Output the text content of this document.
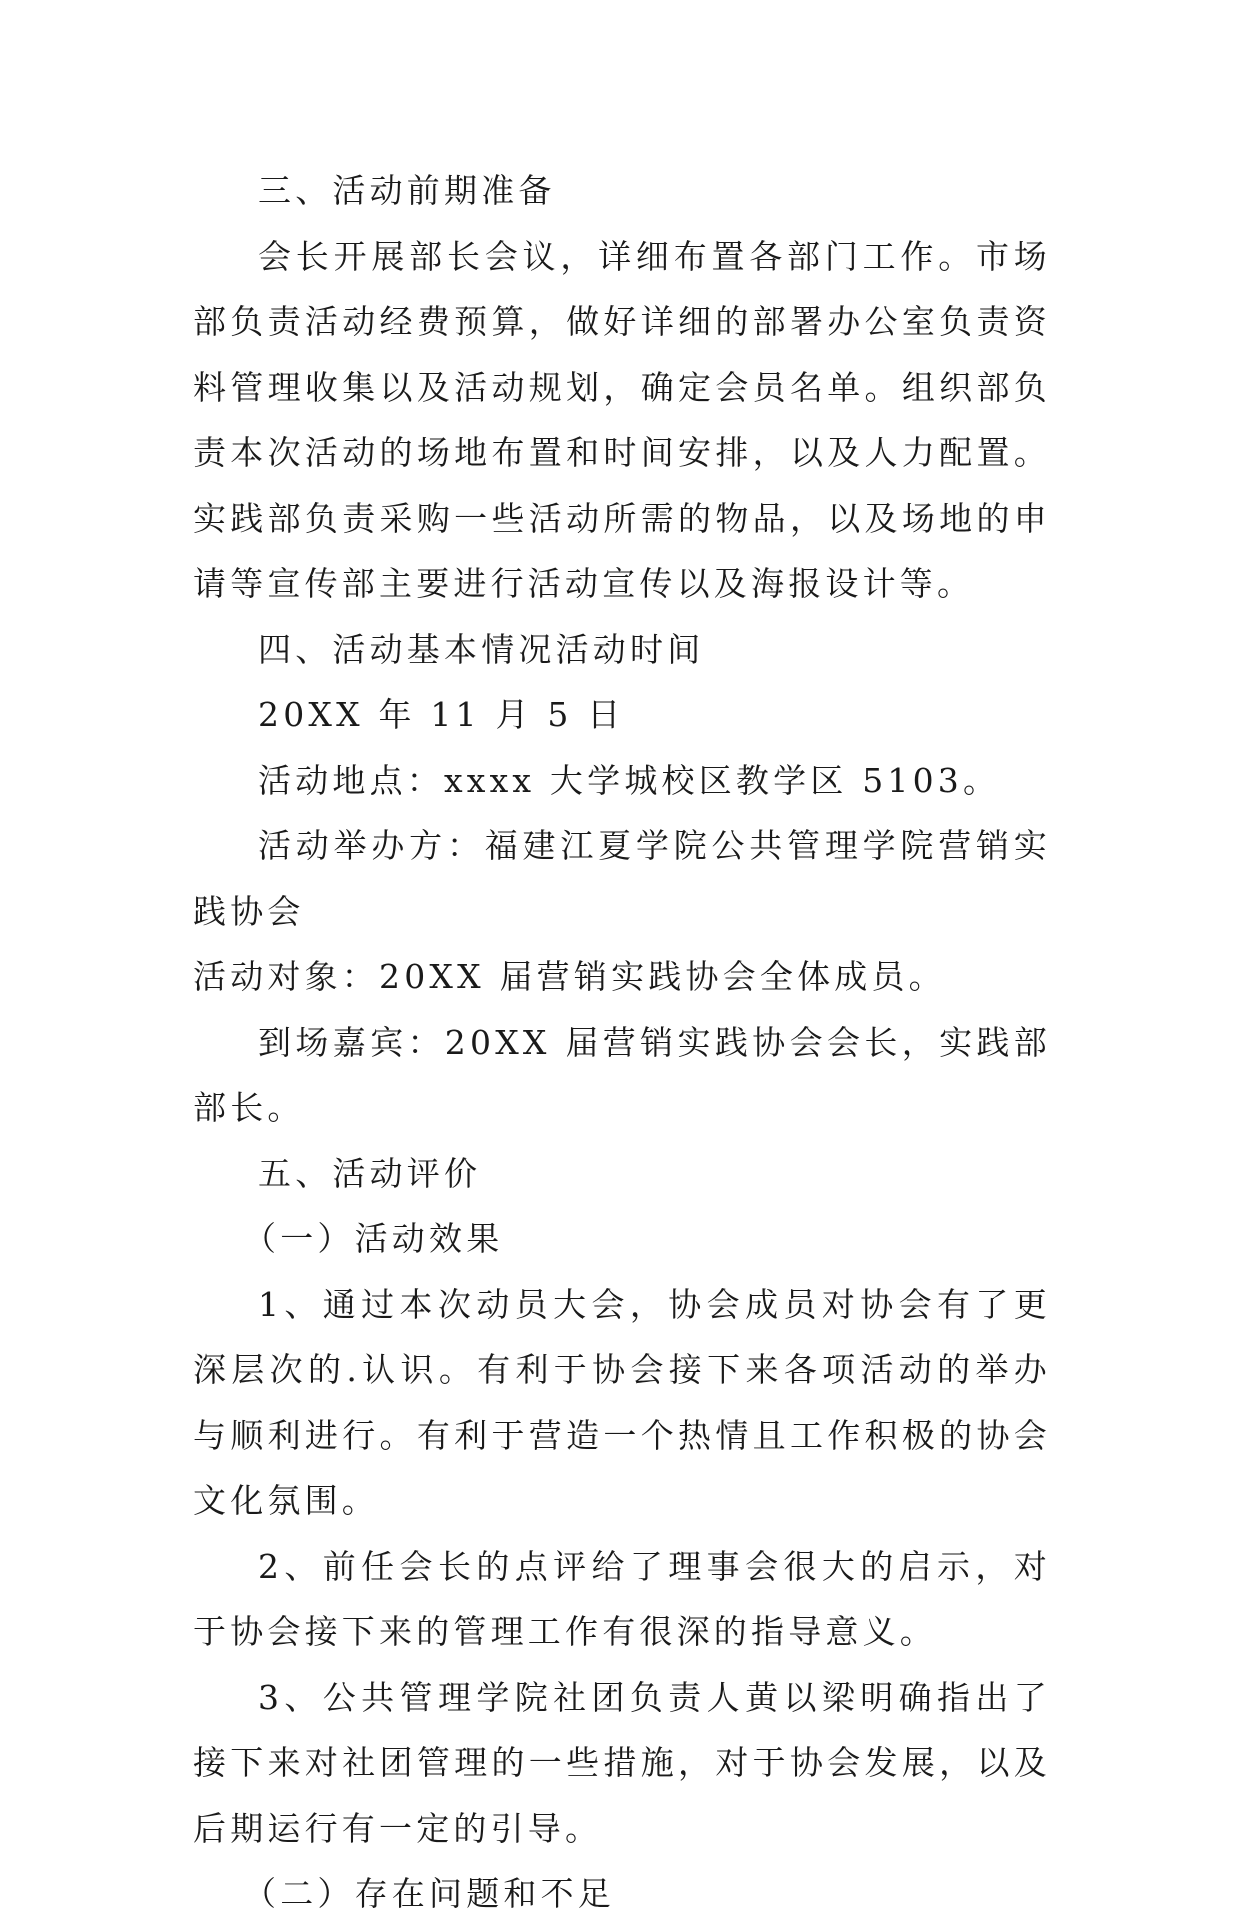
三、活动前期准备

会长开展部长会议，详细布置各部门工作。市场部负责活动经费预算，做好详细的部署办公室负责资料管理收集以及活动规划，确定会员名单。组织部负责本次活动的场地布置和时间安排，以及人力配置。实践部负责采购一些活动所需的物品，以及场地的申请等宣传部主要进行活动宣传以及海报设计等。

四、活动基本情况活动时间

20XX 年 11 月 5 日

活动地点：xxxx 大学城校区教学区 5103。

活动举办方：福建江夏学院公共管理学院营销实践协会

活动对象：20XX 届营销实践协会全体成员。

到场嘉宾：20XX 届营销实践协会会长，实践部部长。

五、活动评价

（一）活动效果

1、通过本次动员大会，协会成员对协会有了更深层次的.认识。有利于协会接下来各项活动的举办与顺利进行。有利于营造一个热情且工作积极的协会文化氛围。

2、前任会长的点评给了理事会很大的启示，对于协会接下来的管理工作有很深的指导意义。

3、公共管理学院社团负责人黄以梁明确指出了接下来对社团管理的一些措施，对于协会发展，以及后期运行有一定的引导。

（二）存在问题和不足
